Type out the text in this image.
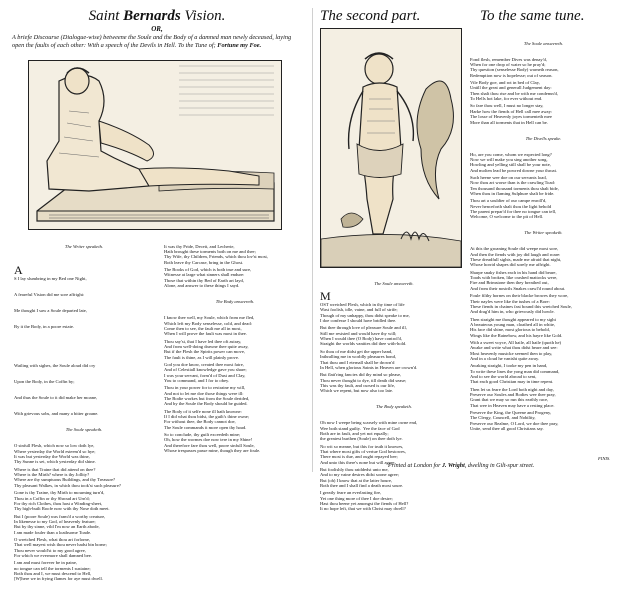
Saint Bernards Vision.
OR,
A briefe Discourse (Dialogue-wise) betweene the Soule and the Body of a damned man newly deceased, laying open the faults of each other: With a speech of the Devils in Hell. To the Tune of; Fortune my Foe.

The Writer speaketh.

A

S I lay slumbring in my Bed one Night,

A feareful Vision did me sore affright:

Me thought I saw a Soule departed late,

By it the Body, in a poore estate.

Wailing with sighes, the Soule aloud did cry

Upon the Body, in the Coffin by;

And thus the Soule to it did make her moane,

With grievous sobs, and many a bitter groane.

The Soule speaketh.

O sinfull Flesh, which now so low doth lye,
Where yesterday the World esteem'd so hye;
It was but yesterday the World was thine,
Thy Sunne is set, which yesterday did shine.
Where is that Traine that did attend on thee?
Where is the Mirth? where is thy Jollity?
Where are thy sumptuous Buildings, and thy Treasure?
Thy pleasant Walkes, in which thou took'st such pleasure?
Gone is thy Traine, thy Mirth to mourning turn'd,
Thou in a Coffin or thy Shroud art Urn'd;
For thy rich Clothes, thou hast a Winding-sheet,
Thy high-built Roofe now with thy Nose doth meet.
But I (poore Soule) was fram'd a worthy creature,
In likenesse to my God, of heavenly feature;
But by thy sinne, vild I'm now an Earth abode,
I am made fouler than a loathsome Toade.
O wretched Flesh, what thou art forlorne,
That well mayest wish thou never hadst bin borne;
Thou never would'st to my good agree,
For which we evermore shall damned bee.
I am and must forever be in paine,
no tongue can tell the torments I sustaine;
Both thou and I, we must descend to Hell,
[W]here we in frying flames for aye must dwell.

It was thy Pride, Deceit, and Lecherie,
Hath brought these torments both on me and thee;
Thy Wife, thy Children, Friends, which thou lov'st most,
Both leave thy Carcase, bring in the Ghost.
The Books of God, which is both true and sure,
Witnesse at large what sinners shall endure:
Those that within thy Bed of Earth art layd,
Alone, and answer to these things I sayd.

The Body answereth.

I know thee well, my Soule, which from me fled,
Which left my Body senselesse, cold, and dead:
Come then to see, the fault me all in most,
When I will prove the fault was most in thee.
Thou say'st, that I have led thee oft astray,
And from well-doing drawne thee quite away,
But if the Flesh the Spirits power can move,
The fault is thine, as I will plainly prove.
God you doe know, created thee most faire,
And of Celestiall knowledge gave you share;
I was your servant, form'd of Dust and Clay,
You to command, and I for to obey.
Thou in your power for to restraine my will,
And not to let me doe those things were ill:
The Bodie workes but from the Soule derided,
And by the Soule the Body should be guided.
The Body of it selfe none ill hath knowne:
If I did what thou bidst, the guilt's thine owne;
For without thee, the Body cannot doe,
The Soule commands it more open thy hoad.
So to conclude, thy guilt exceedeth mine;
Oh, how the wormes doe now tere in my Shine!
And therefore fare thou well, poore sinfull Soule,
Whose trespasses passe mine, though they are foule.

The second part.	To the same tune.

The Soule answereth.

M

OST wretched Flesh, which in thy time of life
Wast foolish, idle, vaine, and full of strife;
Though of my unhappy, thou didst speake to me,
I doe confesse I should have bridled thee.
But thee through love of pleasure Soule and ill,
Still me resisted and would have thy will;
When I would thee (O Body) have control'd,
Straight the worlds vanities did thee with-hold.
So thou of me didst get the upper hand,
Inthralling me in worldly pleasures bond,
That thou and I eternall shall be drown'd
In Hell, when glorious Saints in Heaven are crown'd.
But flatt'ring fancies did thy mind so please,
Thou never thought to dye, till death did sease;
This was thy fault, and cursed is our life,
Which we repent, but now also too late.

The Body speaketh.

Oh now I weepe being scarsely with mine owne end,
Wee both stand guilty.  Yee the face of God
Both are in fault, and yet not equally;
the greatest burthen (Soule) on thee doth lye.
No wit so meane, but this for truth it knowes,
That where most gifts of vertue God bestowes,
There most is due, and ought repayed bee;
And unto this there's none but will agree.
But foolishly thou raiddedst unto me,
And to my vaine desires didst soone agree;
But (oh) I know that at the latter houre,
Both thee and I shall find a death most soure.
I greatly feare an everlasting fire,
Yet one thing more of thee I doe desire;
Hast thou beene yet amongst the fiends of Hell?
It no hope left, that we with Christ may dwell?

The Soule answereth.

Fond flesh, remember Dives was denay'd,
When for one drop of water so he pray'd;
Thy question (senselesse Body) warneth reason,
Redemption now is hopelesse; out of season.
Vile Body goe, and rot in bed of Clay,
Untill the great and generall Judgement day:
Then shalt thou rise and be with me condemn'd,
To Hells hot lake, for ever without end.
So fare thou well, I must no longer stay,
Harke how the fiends of Hell call mee away:
The losse of Heavenly joyes tormenteth mee
More than all torments that in Hell can be.

The Divells speake.

Ho, are you come, whom we expected long?
Now we will make you sing another song,
Howling and yelling still shall be your note,
And molten lead be powred downe your throat.
Such heene wee doe on our servants load,
Now thou art worse than is the crawling Toad:
Ten thousand thousand torments thou shalt bide,
When thou in flaming Sulphure shalt be fride.
Thou art a souldier of our campe enroll'd,
Never henceforth shalt thou the light behold
The parent prepar'd for thee no tongue can tell,
Welcome, O welcome to the pit of Hell.

The Writer speaketh.

At this the groaning Soule did weepe most sore,
And then the fiends with joy did laugh and roare:
These dreadfull sights, made me afraid that night,
Whose horrid shapes did sorely me affright.
Sharpe snaky fishes each in his hand did beare,
Toads with broken, like crashed mattocks were,
Fire and Brimstone then they breathed out,
And from their nostrils Snakes crawl'd round about.
Foule filthy hornes on their blacke browes they wore,
Their nayles were like the tushes of a Bore:
These fiends in chaines fast bound this wretched Soule,
And drag'd him in, who grievously did howle.
Then straight me thought appeared to my sight
A beauteous young man, cloathed all in white,
His face did shine, most glorious to behold,
Wings like the Rainebow, and his hayre like Gold.
With a sweet voyce, All haile, all haile (quoth he)
Awake and write what thou didst heare and see:
Most heavenly musicke seemed then to play,
And in a cloud he vanisht quite away.
Awaking straight, I tooke my pen in hand,
To write these lines the yong man did command,
And to see the world abroad to sent,
That each good Christian may in time repent.
Then let us feare the Lord both night and day,
Preserve our Soules and Bodies wee thee pray,
Grant that we may so run this earthly race,
That wee in Heaven may have a resting place.
Preserve the King, the Queene and Progeny,
The Clergy, Councell, and Nobility,
Preserve our Realme, O Lord, we doe thee pray,
Unite, send thee all good Christians say.

FINIS.
Printed at London for J. Wright, dwelling in Gilt-spur street.
